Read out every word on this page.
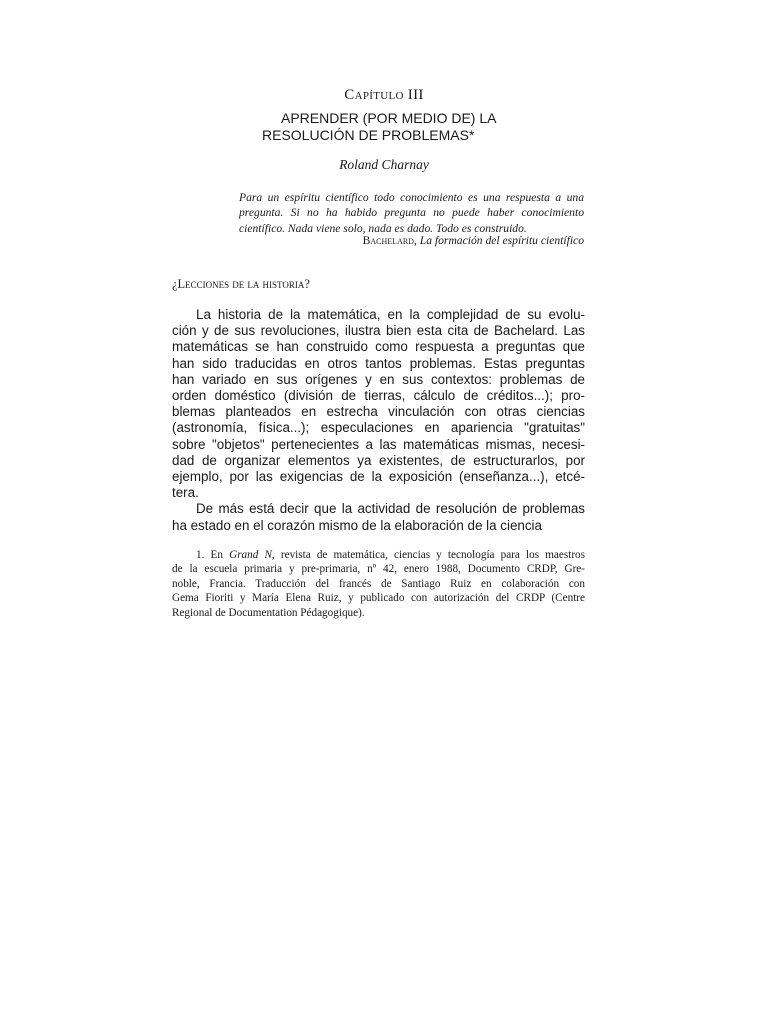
Capítulo III
APRENDER (POR MEDIO DE) LA
RESOLUCIÓN DE PROBLEMAS*
Roland Charnay
Para un espíritu científico todo conocimiento es una respuesta a una
pregunta. Si no ha habido pregunta no puede haber conocimiento
científico. Nada viene solo, nada es dado. Todo es construido.
Bachelard, La formación del espíritu científico
¿Lecciones de la historia?
La historia de la matemática, en la complejidad de su evolu-
ción y de sus revoluciones, ilustra bien esta cita de Bachelard. Las
matemáticas se han construido como respuesta a preguntas que
han sido traducidas en otros tantos problemas. Estas preguntas
han variado en sus orígenes y en sus contextos: problemas de
orden doméstico (división de tierras, cálculo de créditos...); pro-
blemas planteados en estrecha vinculación con otras ciencias
(astronomía, física...); especulaciones en apariencia "gratuitas"
sobre "objetos" pertenecientes a las matemáticas mismas, necesi-
dad de organizar elementos ya existentes, de estructurarlos, por
ejemplo, por las exigencias de la exposición (enseñanza...), etcé-
tera.
De más está decir que la actividad de resolución de problemas
ha estado en el corazón mismo de la elaboración de la ciencia
1. En Grand N, revista de matemática, ciencias y tecnología para los maestros
de la escuela primaria y pre-primaria, nº 42, enero 1988, Documento CRDP, Gre-
noble, Francia. Traducción del francés de Santiago Ruiz en colaboración con
Gema Fioriti y María Elena Ruiz, y publicado con autorización del CRDP (Centre
Regional de Documentation Pédagogique).
